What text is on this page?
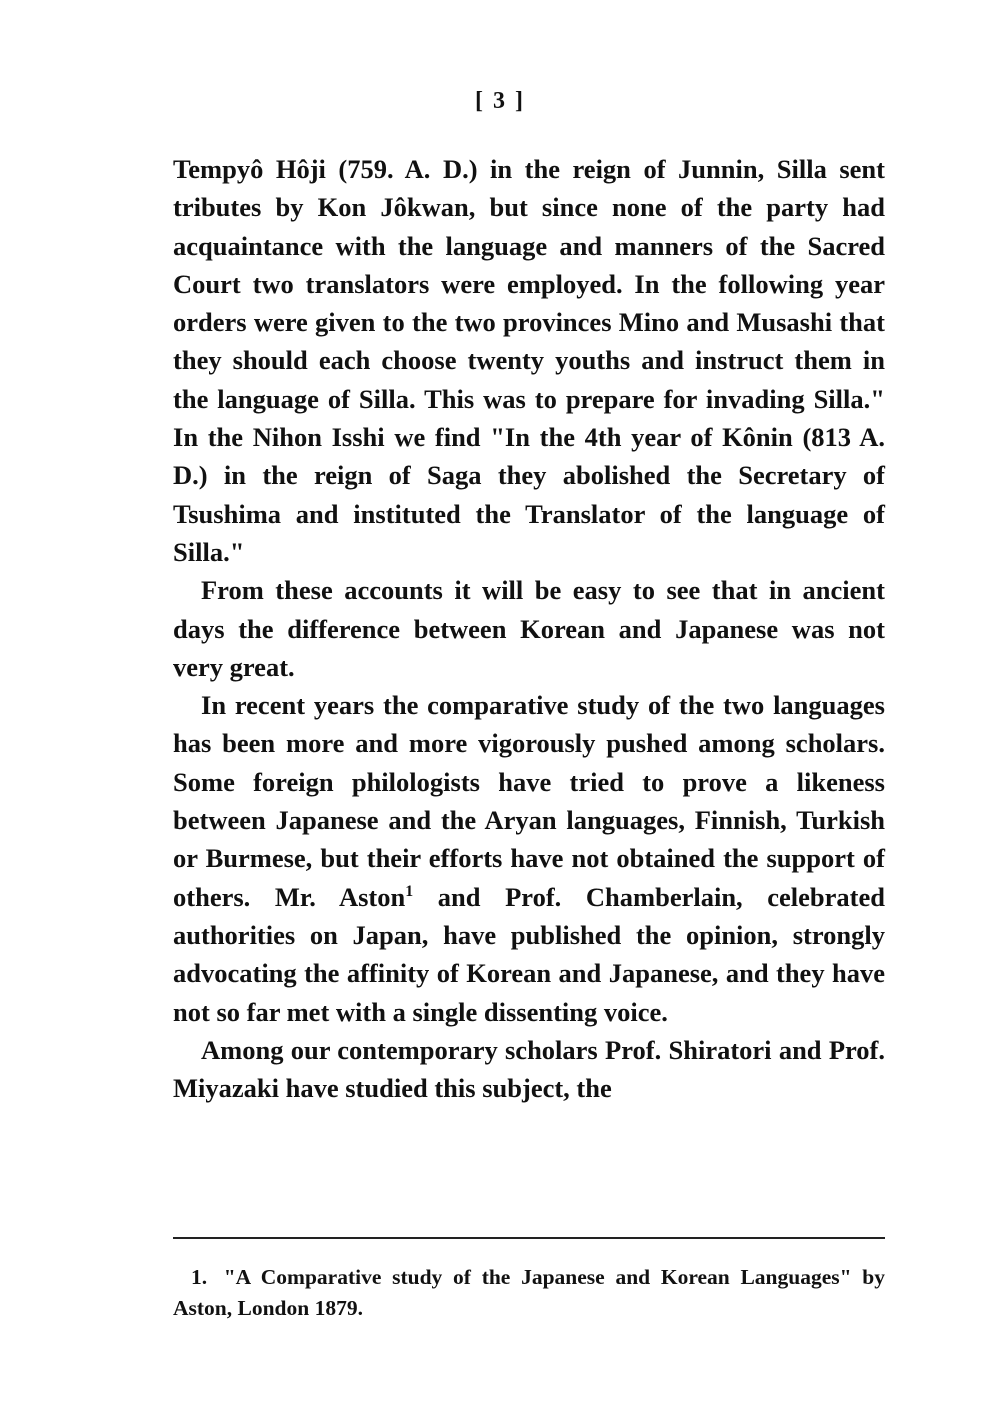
[ 3 ]

Tempyô Hôji (759. A. D.) in the reign of Junnin, Silla sent tributes by Kon Jôkwan, but since none of the party had acquaintance with the language and manners of the Sacred Court two translators were employed. In the following year orders were given to the two provinces Mino and Musashi that they should each choose twenty youths and instruct them in the language of Silla. This was to prepare for invading Silla." In the Nihon Isshi we find "In the 4th year of Kônin (813 A. D.) in the reign of Saga they abolished the Secretary of Tsushima and instituted the Translator of the language of Silla."

From these accounts it will be easy to see that in ancient days the difference between Korean and Japanese was not very great.

In recent years the comparative study of the two languages has been more and more vigorously pushed among scholars. Some foreign philologists have tried to prove a likeness between Japanese and the Aryan languages, Finnish, Turkish or Burmese, but their efforts have not obtained the support of others. Mr. Aston$^1$ and Prof. Chamberlain, celebrated authorities on Japan, have published the opinion, strongly advocating the affinity of Korean and Japanese, and they have not so far met with a single dissenting voice.

Among our contemporary scholars Prof. Shiratori and Prof. Miyazaki have studied this subject, the

1. "A Comparative study of the Japanese and Korean Languages" by Aston, London 1879.
